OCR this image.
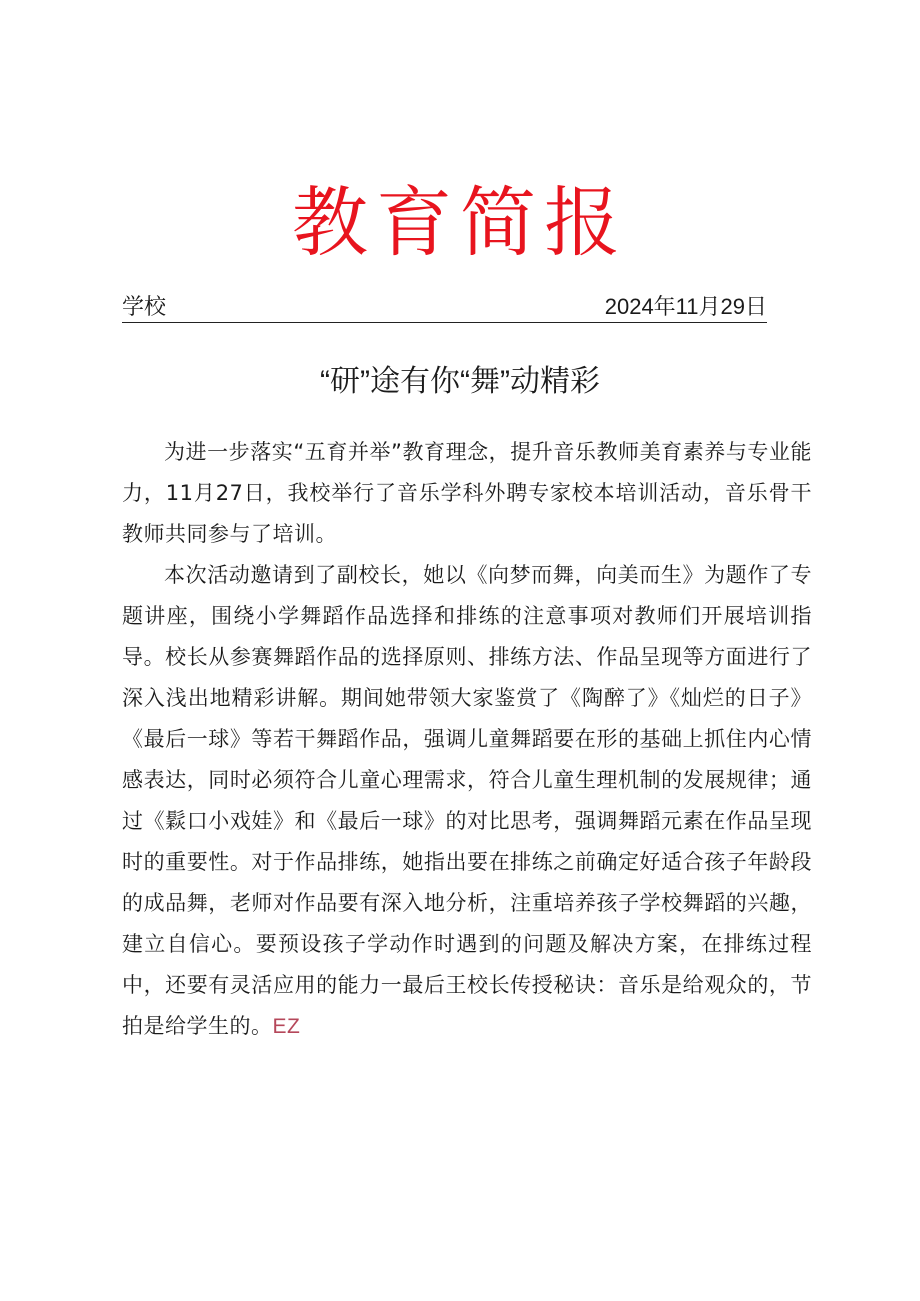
教育简报
学校	2024年11月29日
“研”途有你“舞”动精彩

为进一步落实“五育并举”教育理念，提升音乐教师美育素养与专业能力，11月27日，我校举行了音乐学科外聘专家校本培训活动，音乐骨干教师共同参与了培训。

本次活动邀请到了副校长，她以《向梦而舞，向美而生》为题作了专题讲座，围绕小学舞蹈作品选择和排练的注意事项对教师们开展培训指导。校长从参赛舞蹈作品的选择原则、排练方法、作品呈现等方面进行了深入浅出地精彩讲解。期间她带领大家鉴赏了《陶醉了》《灿烂的日子》《最后一球》等若干舞蹈作品，强调儿童舞蹈要在形的基础上抓住内心情感表达，同时必须符合儿童心理需求，符合儿童生理机制的发展规律；通过《鬏口小戏娃》和《最后一球》的对比思考，强调舞蹈元素在作品呈现时的重要性。对于作品排练，她指出要在排练之前确定好适合孩子年龄段的成品舞，老师对作品要有深入地分析，注重培养孩子学校舞蹈的兴趣，建立自信心。要预设孩子学动作时遇到的问题及解决方案，在排练过程中，还要有灵活应用的能力一最后王校长传授秘诀：音乐是给观众的，节拍是给学生的。EZ
